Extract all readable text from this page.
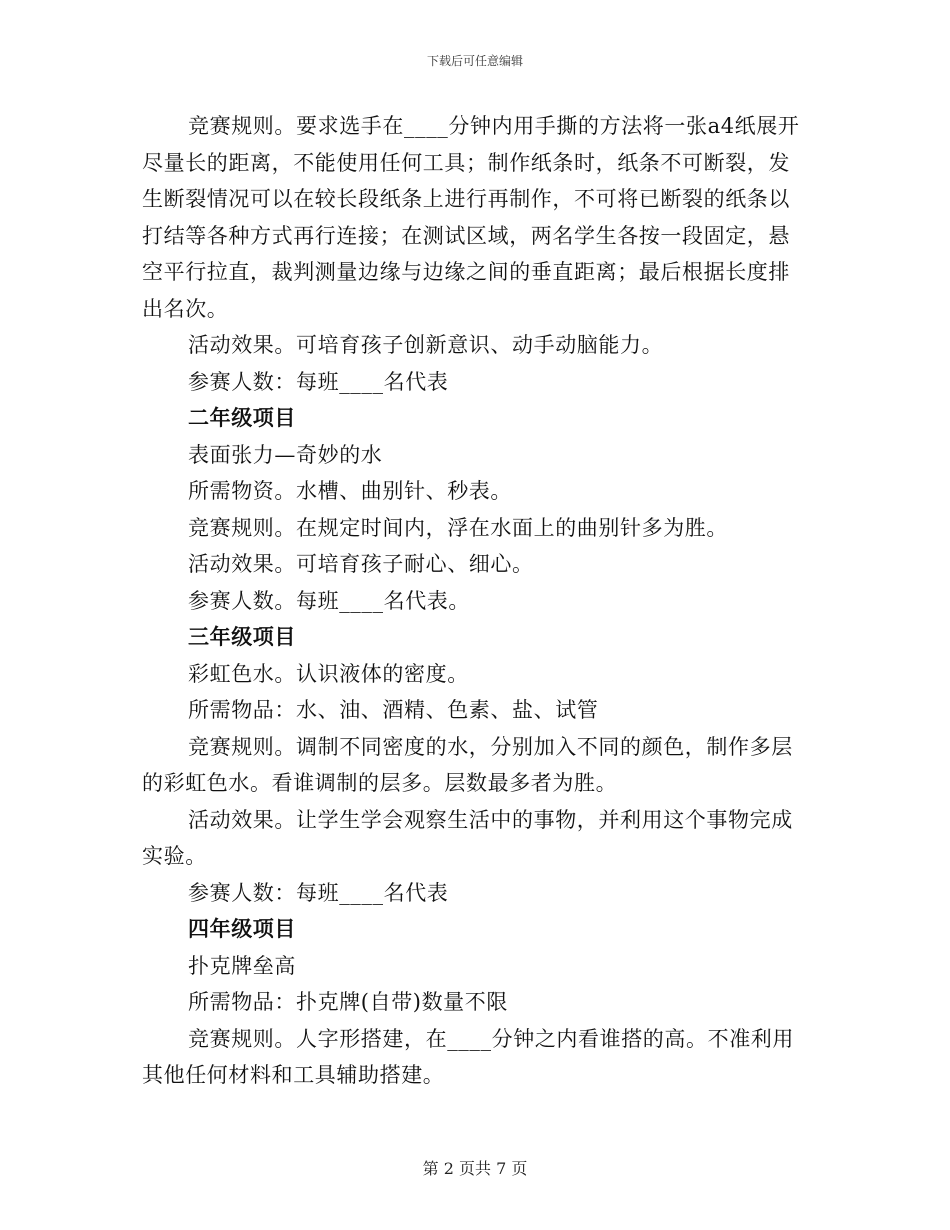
下载后可任意编辑

竞赛规则。要求选手在____分钟内用手撕的方法将一张a4纸展开尽量长的距离，不能使用任何工具；制作纸条时，纸条不可断裂，发生断裂情况可以在较长段纸条上进行再制作，不可将已断裂的纸条以打结等各种方式再行连接；在测试区域，两名学生各按一段固定，悬空平行拉直，裁判测量边缘与边缘之间的垂直距离；最后根据长度排出名次。

活动效果。可培育孩子创新意识、动手动脑能力。

参赛人数：每班____名代表

二年级项目

表面张力—奇妙的水

所需物资。水槽、曲别针、秒表。

竞赛规则。在规定时间内，浮在水面上的曲别针多为胜。

活动效果。可培育孩子耐心、细心。

参赛人数。每班____名代表。

三年级项目

彩虹色水。认识液体的密度。

所需物品：水、油、酒精、色素、盐、试管

竞赛规则。调制不同密度的水，分别加入不同的颜色，制作多层的彩虹色水。看谁调制的层多。层数最多者为胜。

活动效果。让学生学会观察生活中的事物，并利用这个事物完成实验。

参赛人数：每班____名代表

四年级项目

扑克牌垒高

所需物品：扑克牌(自带)数量不限

竞赛规则。人字形搭建，在____分钟之内看谁搭的高。不准利用其他任何材料和工具辅助搭建。

第 2 页共 7 页
